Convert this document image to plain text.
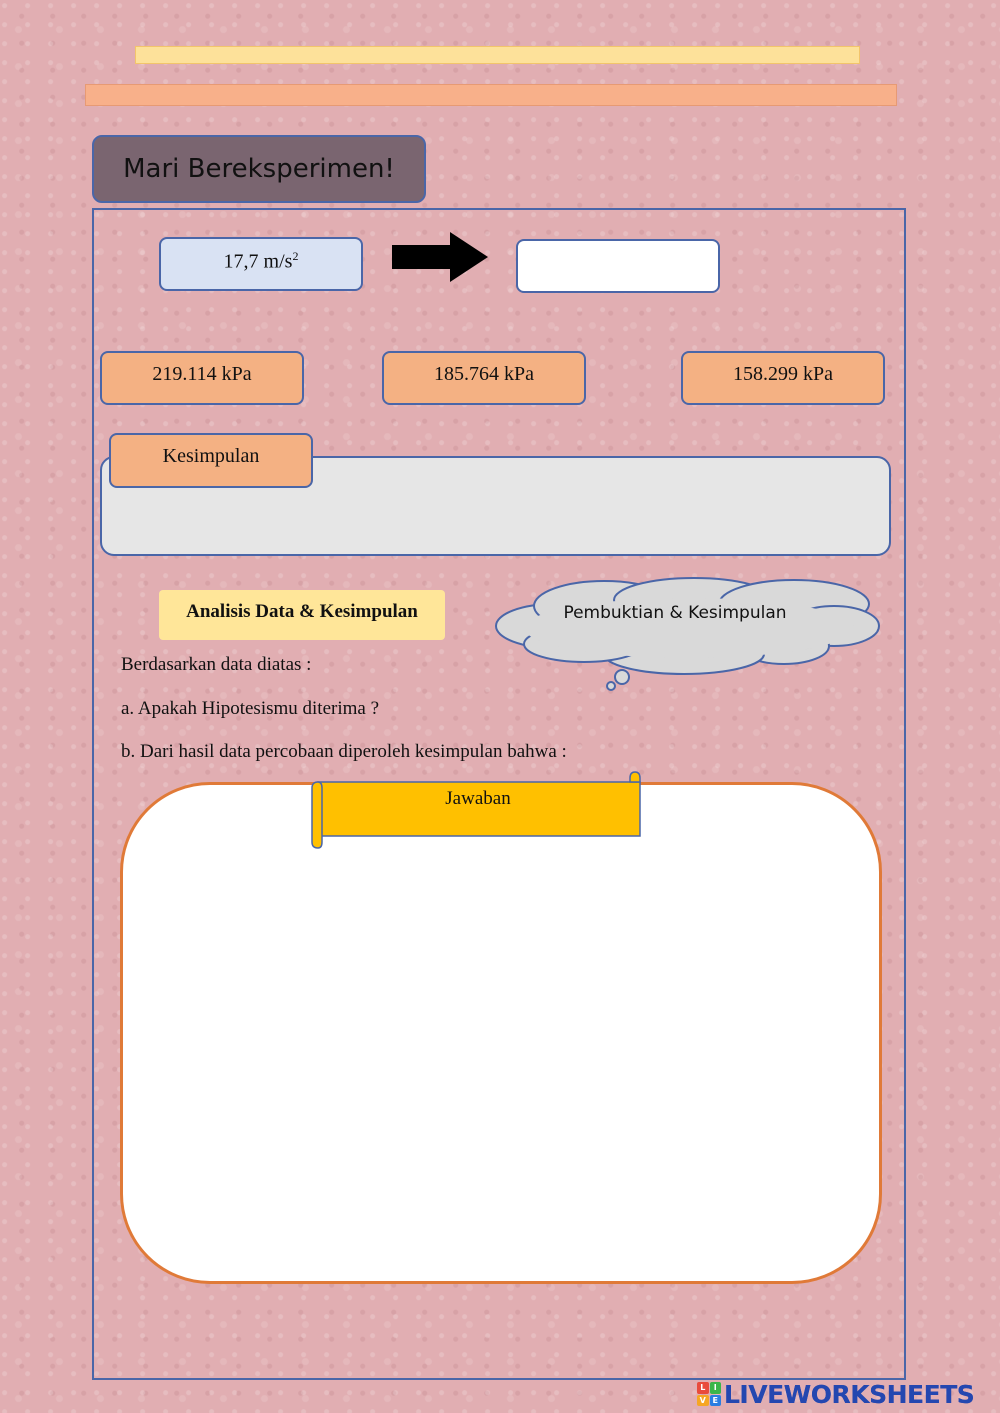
Mari Bereksperimen!
17,7 $m/s^2$
219.114 kPa	185.764 kPa	158.299 kPa
Kesimpulan
Analisis Data & Kesimpulan	Pembuktian & Kesimpulan
Berdasarkan data diatas :
a. Apakah Hipotesismu diterima ?
b. Dari hasil data percobaan diperoleh kesimpulan bahwa :
Jawaban
L	I
V E LIVEWORKSHEETS
